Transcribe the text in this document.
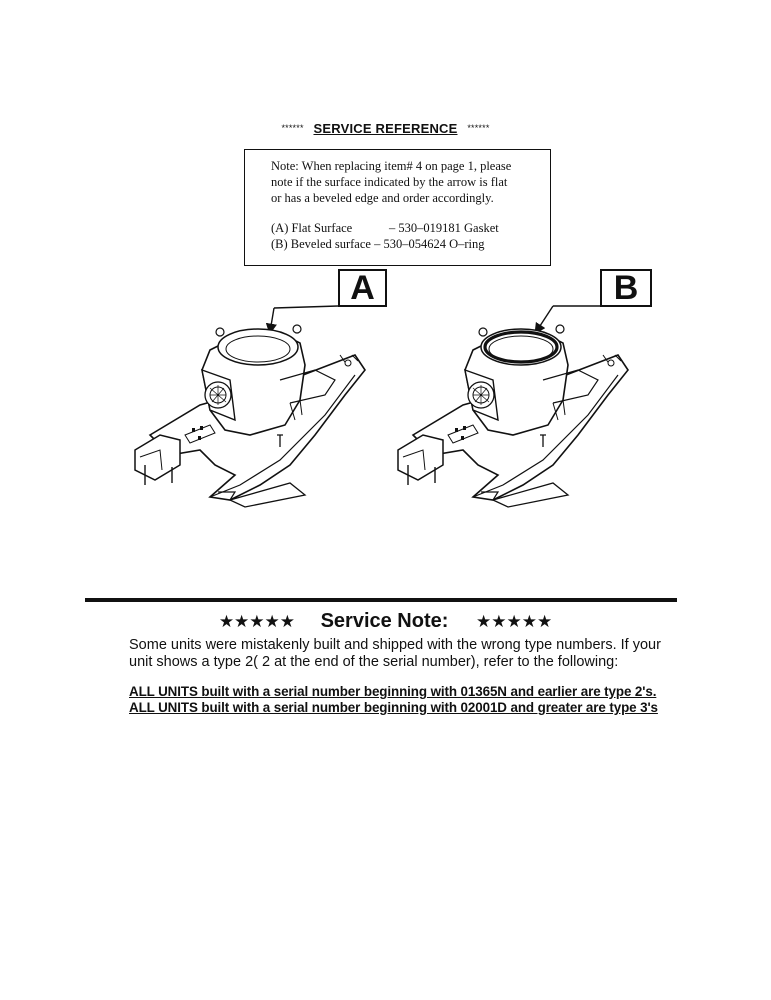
****** SERVICE REFERENCE ******
Note: When replacing item# 4 on page 1, please
note if the surface indicated by the arrow is flat
or has a beveled edge and order accordingly.
(A) Flat Surface	– 530–019181 Gasket
(B) Beveled surface – 530–054624 O–ring
A	B
★★★★★ Service Note: ★★★★★
Some units were mistakenly built and shipped with the wrong type numbers. If your
unit shows a type 2( 2 at the end of the serial number), refer to the following:
ALL UNITS built with a serial number beginning with 01365N and earlier are type 2's.
ALL UNITS built with a serial number beginning with 02001D and greater are type 3's
